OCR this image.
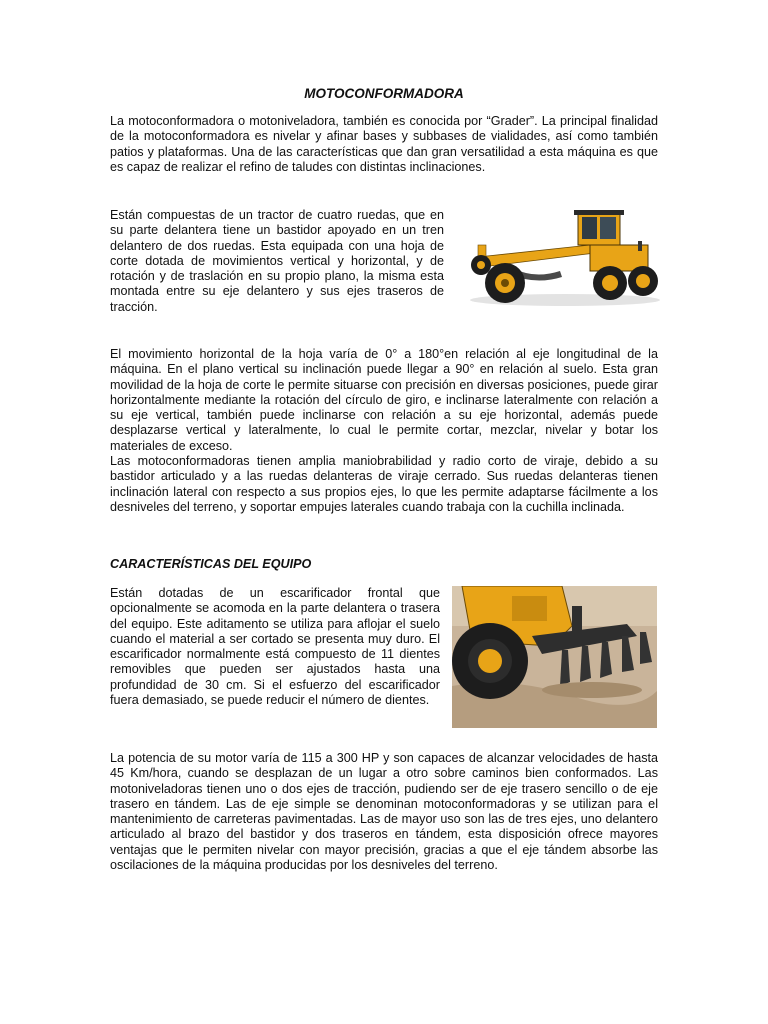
MOTOCONFORMADORA

La motoconformadora o motoniveladora, también es conocida por “Grader”. La principal finalidad de la motoconformadora es nivelar y afinar bases y subbases de vialidades, así como también patios y plataformas. Una de las características que dan gran versatilidad a esta máquina es que es capaz de realizar el refino de taludes con distintas inclinaciones.

Están compuestas de un tractor de cuatro ruedas, que en su parte delantera tiene un bastidor apoyado en un tren delantero de dos ruedas. Esta equipada con una hoja de corte dotada de movimientos vertical y horizontal, y de rotación y de traslación en su propio plano, la misma esta montada entre su eje delantero y sus ejes traseros de tracción.

El movimiento horizontal de la hoja varía de 0° a 180°en relación al eje longitudinal de la máquina. En el plano vertical su inclinación puede llegar a 90° en relación al suelo. Esta gran movilidad de la hoja de corte le permite situarse con precisión en diversas posiciones, puede girar horizontalmente mediante la rotación del círculo de giro, e inclinarse lateralmente con relación a su eje vertical, también puede inclinarse con relación a su eje horizontal, además puede desplazarse vertical y lateralmente, lo cual le permite cortar, mezclar, nivelar y botar los materiales de exceso.
Las motoconformadoras tienen amplia maniobrabilidad y radio corto de viraje, debido a su bastidor articulado y a las ruedas delanteras de viraje cerrado. Sus ruedas delanteras tienen inclinación lateral con respecto a sus propios ejes, lo que les permite adaptarse fácilmente a los desniveles del terreno, y soportar empujes laterales cuando trabaja con la cuchilla inclinada.

CARACTERÍSTICAS DEL EQUIPO

Están dotadas de un escarificador frontal que opcionalmente se acomoda en la parte delantera o trasera del equipo. Este aditamento se utiliza para aflojar el suelo cuando el material a ser cortado se presenta muy duro. El escarificador normalmente está compuesto de 11 dientes removibles que pueden ser ajustados hasta una profundidad de 30 cm. Si el esfuerzo del escarificador fuera demasiado, se puede reducir el número de dientes.

La potencia de su motor varía de 115 a 300 HP y son capaces de alcanzar velocidades de hasta 45 Km/hora, cuando se desplazan de un lugar a otro sobre caminos bien conformados. Las motoniveladoras tienen uno o dos ejes de tracción, pudiendo ser de eje trasero sencillo o de eje trasero en tándem. Las de eje simple se denominan motoconformadoras y se utilizan para el mantenimiento de carreteras pavimentadas. Las de mayor uso son las de tres ejes, uno delantero articulado al brazo del bastidor y dos traseros en tándem, esta disposición ofrece mayores ventajas que le permiten nivelar con mayor precisión, gracias a que el eje tándem absorbe las oscilaciones de la máquina producidas por los desniveles del terreno.
